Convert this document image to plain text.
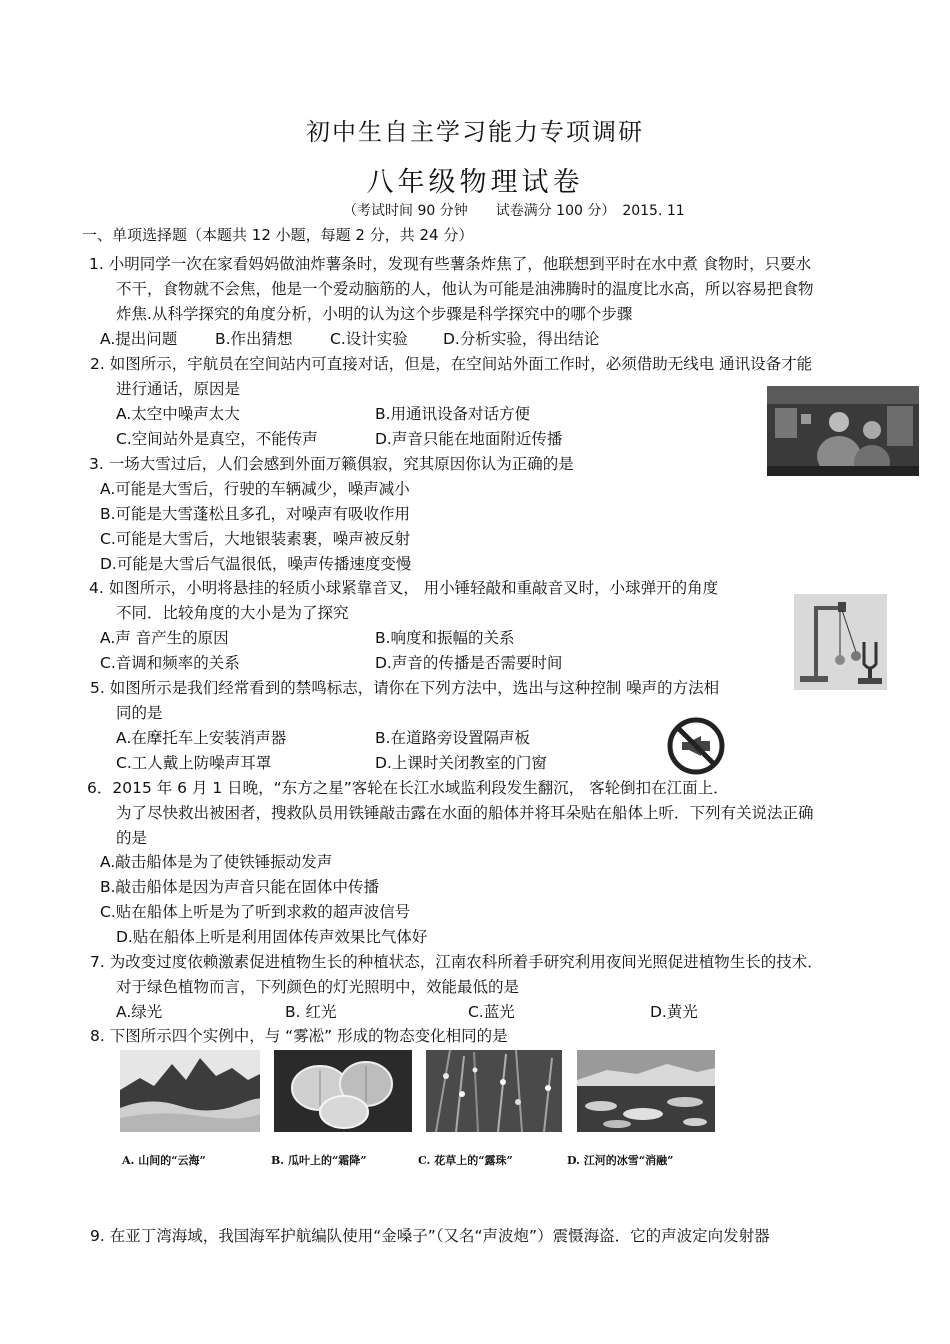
初中生自主学习能力专项调研
八年级物理试卷
（考试时间 90 分钟　　试卷满分 100 分）　2015. 11
一、单项选择题（本题共 12 小题，每题 2 分，共 24 分）
1. 小明同学一次在家看妈妈做油炸薯条时，发现有些薯条炸焦了，他联想到平时在水中煮 食物时，只要水
不干，食物就不会焦，他是一个爱动脑筋的人，他认为可能是油沸腾时的温度比水高，所以容易把食物
炸焦.从科学探究的角度分析，小明的认为这个步骤是科学探究中的哪个步骤
A.提出问题 B.作出猜想 C.设计实验 D.分析实验，得出结论
2. 如图所示，宇航员在空间站内可直接对话，但是，在空间站外面工作时，必须借助无线电 通讯设备才能
进行通话，原因是
A.太空中噪声太大	B.用通讯设备对话方便
C.空间站外是真空，不能传声	D.声音只能在地面附近传播
3. 一场大雪过后，人们会感到外面万籁俱寂，究其原因你认为正确的是
A.可能是大雪后，行驶的车辆减少，噪声减小
B.可能是大雪蓬松且多孔，对噪声有吸收作用
C.可能是大雪后，大地银装素裹，噪声被反射
D.可能是大雪后气温很低，噪声传播速度变慢
4. 如图所示，小明将悬挂的轻质小球紧靠音叉， 用小锤轻敲和重敲音叉时，小球弹开的角度
不同．比较角度的大小是为了探究
A.声 音产生的原因	B.响度和振幅的关系
C.音调和频率的关系	D.声音的传播是否需要时间
5. 如图所示是我们经常看到的禁鸣标志，请你在下列方法中，选出与这种控制 噪声的方法相
同的是
A.在摩托车上安装消声器	B.在道路旁设置隔声板
C.工人戴上防噪声耳罩	D.上课时关闭教室的门窗
6．2015 年 6 月 1 日晚，“东方之星”客轮在长江水域监利段发生翻沉， 客轮倒扣在江面上．
为了尽快救出被困者，搜救队员用铁锤敲击露在水面的船体并将耳朵贴在船体上听．下列有关说法正确
的是
A.敲击船体是为了使铁锤振动发声
B.敲击船体是因为声音只能在固体中传播
C.贴在船体上听是为了听到求救的超声波信号
D.贴在船体上听是利用固体传声效果比气体好
7. 为改变过度依赖激素促进植物生长的种植状态，江南农科所着手研究利用夜间光照促进植物生长的技术．
对于绿色植物而言，下列颜色的灯光照明中，效能最低的是
A.绿光	B. 红光	C.蓝光	D.黄光
8. 下图所示四个实例中，与 “雾凇” 形成的物态变化相同的是
A. 山间的“云海”	B. 瓜叶上的“霜降”	C. 花草上的“露珠”	D. 江河的冰雪“消融”
9. 在亚丁湾海域，我国海军护航编队使用“金嗓子”（又名“声波炮”）震慑海盗．它的声波定向发射器
